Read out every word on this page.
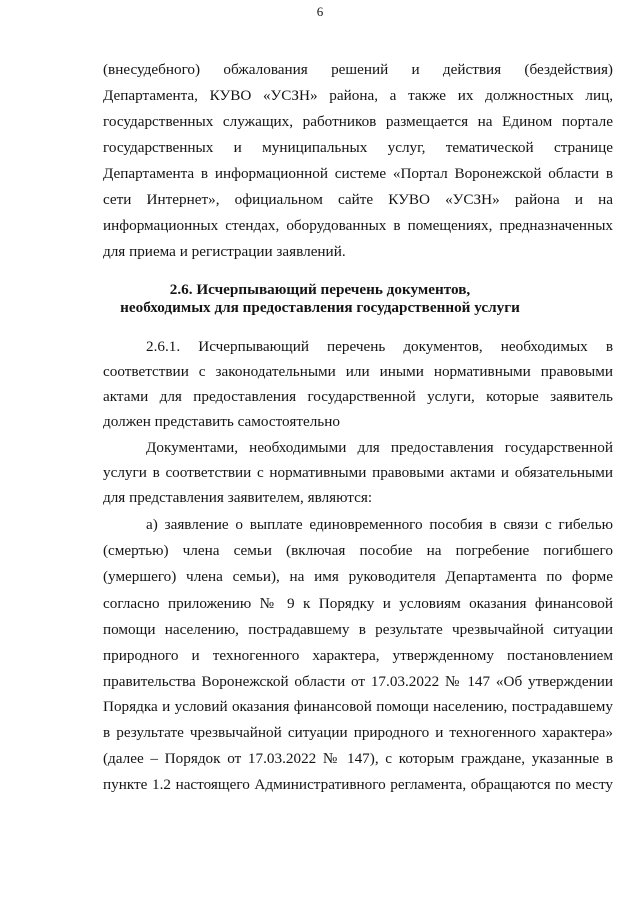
6
(внесудебного) обжалования решений и действия (бездействия)
Департамента, КУВО «УСЗН» района, а также их должностных лиц,
государственных служащих, работников размещается на Едином портале
государственных и муниципальных услуг, тематической странице
Департамента в информационной системе «Портал Воронежской области в
сети Интернет», официальном сайте КУВО «УСЗН» района и на
информационных стендах, оборудованных в помещениях, предназначенных
для приема и регистрации заявлений.
2.6. Исчерпывающий перечень документов,
необходимых для предоставления государственной услуги
2.6.1. Исчерпывающий перечень документов, необходимых в
соответствии с законодательными или иными нормативными правовыми
актами для предоставления государственной услуги, которые заявитель
должен представить самостоятельно
Документами, необходимыми для предоставления государственной
услуги в соответствии с нормативными правовыми актами и обязательными
для представления заявителем, являются:
а) заявление о выплате единовременного пособия в связи с гибелью
(смертью) члена семьи (включая пособие на погребение погибшего
(умершего) члена семьи), на имя руководителя Департамента по форме
согласно приложению № 9 к Порядку и условиям оказания финансовой
помощи населению, пострадавшему в результате чрезвычайной ситуации
природного и техногенного характера, утвержденному постановлением
правительства Воронежской области от 17.03.2022 № 147 «Об утверждении
Порядка и условий оказания финансовой помощи населению, пострадавшему
в результате чрезвычайной ситуации природного и техногенного характера»
(далее – Порядок от 17.03.2022 № 147), с которым граждане, указанные в
пункте 1.2 настоящего Административного регламента, обращаются по месту
